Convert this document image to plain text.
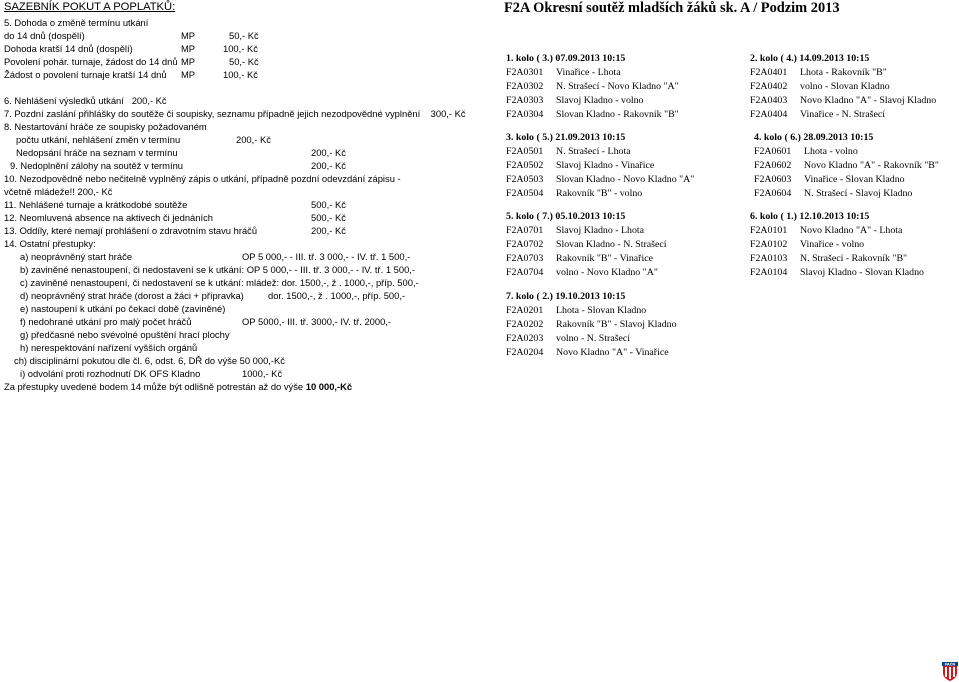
SAZEBNÍK POKUT A POPLATKŮ:
5. Dohoda o změně termínu utkání
do 14 dnů (dospělí)	MP	50,- Kč
Dohoda kratší 14 dnů (dospělí)	MP	100,- Kč
Povolení pohár. turnaje, žádost do 14 dnů MP	50,- Kč
Žádost o povolení turnaje kratší 14 dnů MP	100,- Kč
6. Nehlášení výsledků utkání 200,- Kč
7. Pozdní zaslání přihlášky do soutěže či soupisky, seznamu případně jejich nezodpovědné vyplnění 300,- Kč
8. Nestartování hráče ze soupisky požadovaném
počtu utkání, nehlášení změn v termínu	200,- Kč
Nedopsání hráče na seznam v termínu	200,- Kč
9. Nedoplnění zálohy na soutěž v termínu	200,- Kč
10. Nezodpovědně nebo nečitelně vyplněný zápis o utkání, případně pozdní odevzdání zápisu -
včetně mládeže!! 200,- Kč
11. Nehlášené turnaje a krátkodobé soutěže	500,- Kč
12. Neomluvená absence na aktivech či jednáních	500,- Kč
13. Oddíly, které nemají prohlášení o zdravotním stavu hráčů	200,- Kč
14. Ostatní přestupky:
a) neoprávněný start hráče	OP 5 000,- - III. tř. 3 000,- - IV. tř. 1 500,-
b) zaviněné nenastoupení, či nedostavení se k utkání: OP 5 000,- - III. tř. 3 000,- - IV. tř. 1 500,-
c) zaviněné nenastoupení, či nedostavení se k utkání: mládež: dor. 1500,-, ž . 1000,-, příp. 500,-
d) neoprávněný strat hráče (dorost a žáci + přípravka)	dor. 1500,-, ž . 1000,-, příp. 500,-
e) nastoupení k utkání po čekací době (zaviněné)
f) nedohrané utkání pro malý počet hráčů	OP 5000,- III. tř. 3000,- IV. tř. 2000,-
g) předčasné nebo svévolné opuštění hrací plochy
h) nerespektování nařízení vyšších orgánů
ch) disciplinární pokutou dle čl. 6, odst. 6, DŘ do výše 50 000,-Kč
i) odvolání proti rozhodnutí DK OFS Kladno	1000,- Kč
Za přestupky uvedené bodem 14 může být odlišně potrestán až do výše 10 000,-Kč
F2A Okresní soutěž mladších žáků sk. A / Podzim 2013
1. kolo ( 3.) 07.09.2013 10:15
F2A0301 Vinařice - Lhota
F2A0302 N. Strašecí - Novo Kladno "A"
F2A0303 Slavoj Kladno - volno
F2A0304 Slovan Kladno - Rakovník "B"
2. kolo ( 4.) 14.09.2013 10:15
F2A0401 Lhota - Rakovník "B"
F2A0402 volno - Slovan Kladno
F2A0403 Novo Kladno "A" - Slavoj Kladno
F2A0404 Vinařice - N. Strašecí
3. kolo ( 5.) 21.09.2013 10:15
F2A0501 N. Strašecí - Lhota
F2A0502 Slavoj Kladno - Vinařice
F2A0503 Slovan Kladno - Novo Kladno "A"
F2A0504 Rakovník "B" - volno
4. kolo ( 6.) 28.09.2013 10:15
F2A0601 Lhota - volno
F2A0602 Novo Kladno "A" - Rakovník "B"
F2A0603 Vinařice - Slovan Kladno
F2A0604 N. Strašecí - Slavoj Kladno
5. kolo ( 7.) 05.10.2013 10:15
F2A0701 Slavoj Kladno - Lhota
F2A0702 Slovan Kladno - N. Strašecí
F2A0703 Rakovník "B" - Vinařice
F2A0704 volno - Novo Kladno "A"
6. kolo ( 1.) 12.10.2013 10:15
F2A0101 Novo Kladno "A" - Lhota
F2A0102 Vinařice - volno
F2A0103 N. Strašecí - Rakovník "B"
F2A0104 Slavoj Kladno - Slovan Kladno
7. kolo ( 2.) 19.10.2013 10:15
F2A0201 Lhota - Slovan Kladno
F2A0202 Rakovník "B" - Slavoj Kladno
F2A0203 volno - N. Strašecí
F2A0204 Novo Kladno "A" - Vinařice
FAČR
